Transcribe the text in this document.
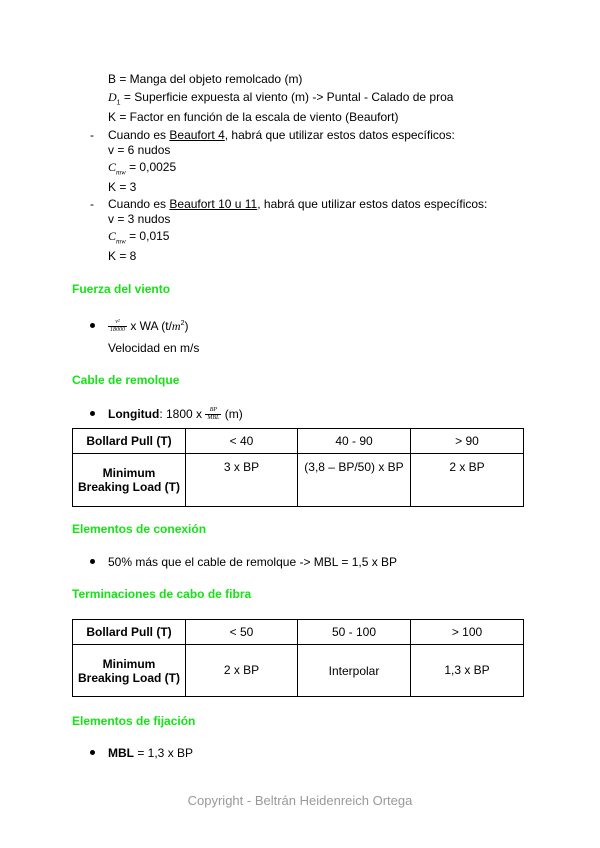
B = Manga del objeto remolcado (m)
$D_1$ = Superficie expuesta al viento (m) -> Puntal - Calado de proa
K = Factor en función de la escala de viento (Beaufort)
- Cuando es Beaufort 4, habrá que utilizar estos datos específicos:
v = 6 nudos
$C_{mw} = 0,0025$
K = 3
- Cuando es Beaufort 10 u 11, habrá que utilizar estos datos específicos:
v = 3 nudos
$C_{mw} = 0,015$
K = 8
Fuerza del viento
$\frac{\text{v²}}{18000}$ x WA $(t/m^2)$
Velocidad en m/s
Cable de remolque
Longitud: 1800 x $\frac{BP}{\text{MBL}} (m)$
Bollard Pull (T)	< 40	40 - 90	> 90
Minimum Breaking Load (T)	3 x BP	(3,8 – BP/50) x BP	2 x BP
Elementos de conexión
50% más que el cable de remolque -> MBL = 1,5 x BP
Terminaciones de cabo de fibra
Bollard Pull (T)	< 50	50 - 100	> 100
Minimum Breaking Load (T)	2 x BP	Interpolar	1,3 x BP
Elementos de fijación
MBL = 1,3 x BP
Copyright - Beltrán Heidenreich Ortega
